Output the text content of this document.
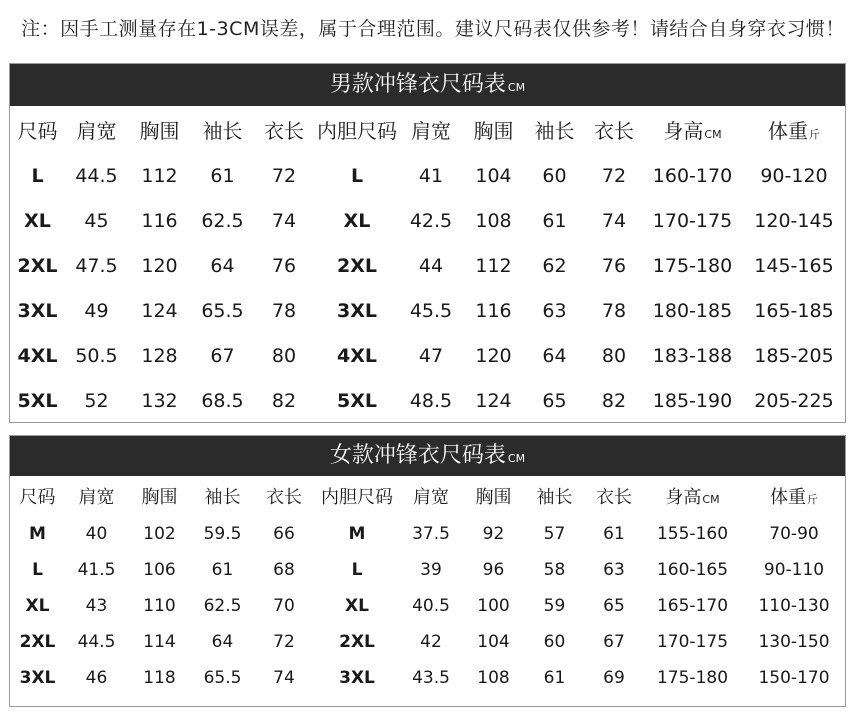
注：因手工测量存在1-3CM误差，属于合理范围。建议尺码表仅供参考！请结合自身穿衣习惯！
男款冲锋衣尺码表 CM
尺码	肩宽	胸围	袖长	衣长	内胆尺码	肩宽	胸围	袖长	衣长	身高CM	体重斤
L	44.5	112	61	72	L	41	104	60	72	160-170	90-120
XL	45	116	62.5	74	XL	42.5	108	61	74	170-175	120-145
2XL	47.5	120	64	76	2XL	44	112	62	76	175-180	145-165
3XL	49	124	65.5	78	3XL	45.5	116	63	78	180-185	165-185
4XL	50.5	128	67	80	4XL	47	120	64	80	183-188	185-205
5XL	52	132	68.5	82	5XL	48.5	124	65	82	185-190	205-225
女款冲锋衣尺码表 CM
尺码	肩宽	胸围	袖长	衣长	内胆尺码	肩宽	胸围	袖长	衣长	身高CM	体重斤
M	40	102	59.5	66	M	37.5	92	57	61	155-160	70-90
L	41.5	106	61	68	L	39	96	58	63	160-165	90-110
XL	43	110	62.5	70	XL	40.5	100	59	65	165-170	110-130
2XL	44.5	114	64	72	2XL	42	104	60	67	170-175	130-150
3XL	46	118	65.5	74	3XL	43.5	108	61	69	175-180	150-170
